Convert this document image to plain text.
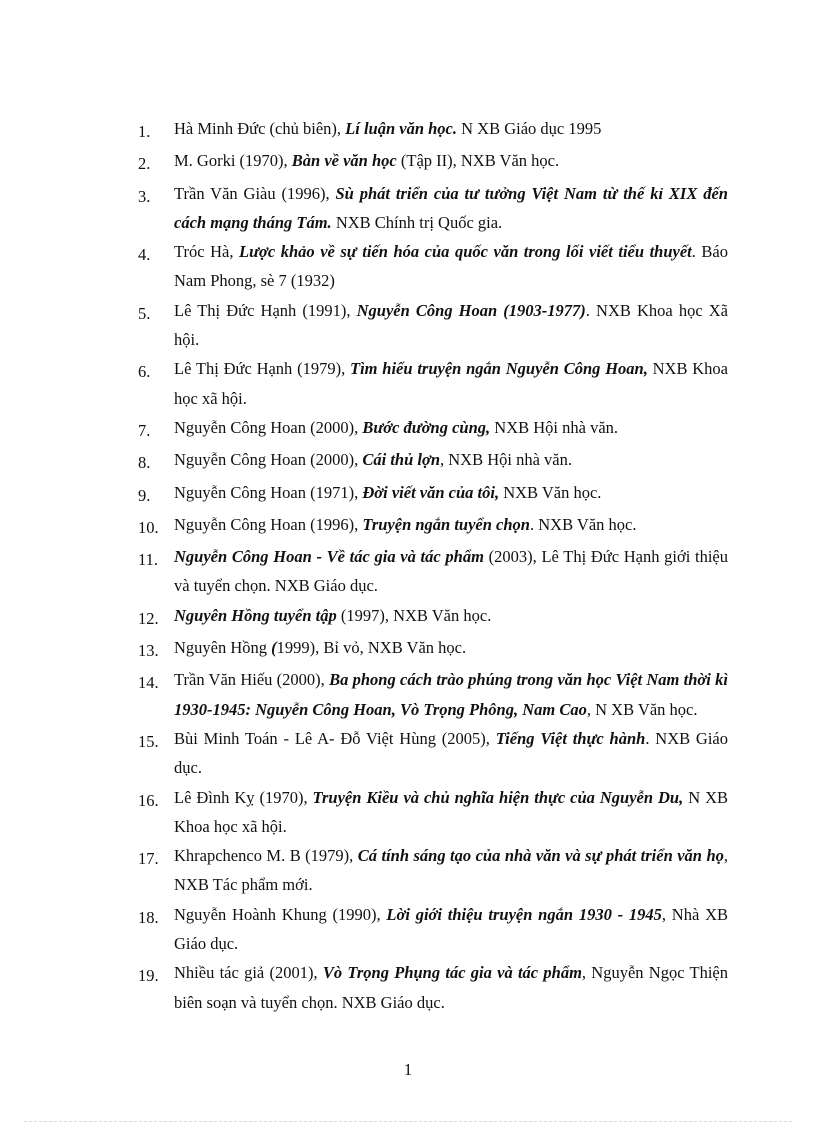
1.	Hà Minh Đức (chủ biên), Lí luận văn học. N XB Giáo dục 1995
2.	M. Gorki (1970), Bàn về văn học (Tập II), NXB Văn học.
3.	Trần Văn Giàu (1996), Sù phát triển của tư tưởng Việt Nam từ thế kỉ XIX đến cách mạng tháng Tám. NXB Chính trị Quốc gia.
4.	Tróc Hà, Lược khảo về sự tiến hóa của quốc văn trong lối viết tiểu thuyết. Báo Nam Phong, sè 7 (1932)
5.	Lê Thị Đức Hạnh (1991), Nguyễn Công Hoan (1903-1977). NXB Khoa học Xã hội.
6.	Lê Thị Đức Hạnh (1979), Tìm hiểu truyện ngắn Nguyễn Công Hoan, NXB Khoa học xã hội.
7.	Nguyễn Công Hoan (2000), Bước đường cùng, NXB Hội nhà văn.
8.	Nguyễn Công Hoan (2000), Cái thủ lợn, NXB Hội nhà văn.
9.	Nguyễn Công Hoan (1971), Đời viết văn của tôi, NXB Văn học.
10. Nguyễn Công Hoan (1996), Truyện ngắn tuyển chọn. NXB Văn học.
11. Nguyễn Công Hoan - Về tác gia và tác phẩm (2003), Lê Thị Đức Hạnh giới thiệu và tuyển chọn. NXB Giáo dục.
12. Nguyên Hồng tuyển tập (1997), NXB Văn học.
13. Nguyên Hồng (1999), Bỉ vỏ, NXB Văn học.
14. Trần Văn Hiếu (2000), Ba phong cách trào phúng trong văn học Việt Nam thời kì 1930-1945: Nguyễn Công Hoan, Vò Trọng Phông, Nam Cao, N XB Văn học.
15. Bùi Minh Toán - Lê A- Đỗ Việt Hùng (2005), Tiếng Việt thực hành. NXB Giáo dục.
16. Lê Đình Kỵ (1970), Truyện Kiều và chủ nghĩa hiện thực của Nguyễn Du, N XB Khoa học xã hội.
17. Khrapchenco M. B (1979), Cá tính sáng tạo của nhà văn và sự phát triển văn họ, NXB Tác phẩm mới.
18. Nguyễn Hoành Khung (1990), Lời giới thiệu truyện ngắn 1930 - 1945, Nhà XB Giáo dục.
19. Nhiều tác giả (2001), Vò Trọng Phụng tác gia và tác phẩm, Nguyễn Ngọc Thiện biên soạn và tuyển chọn. NXB Giáo dục.
1
